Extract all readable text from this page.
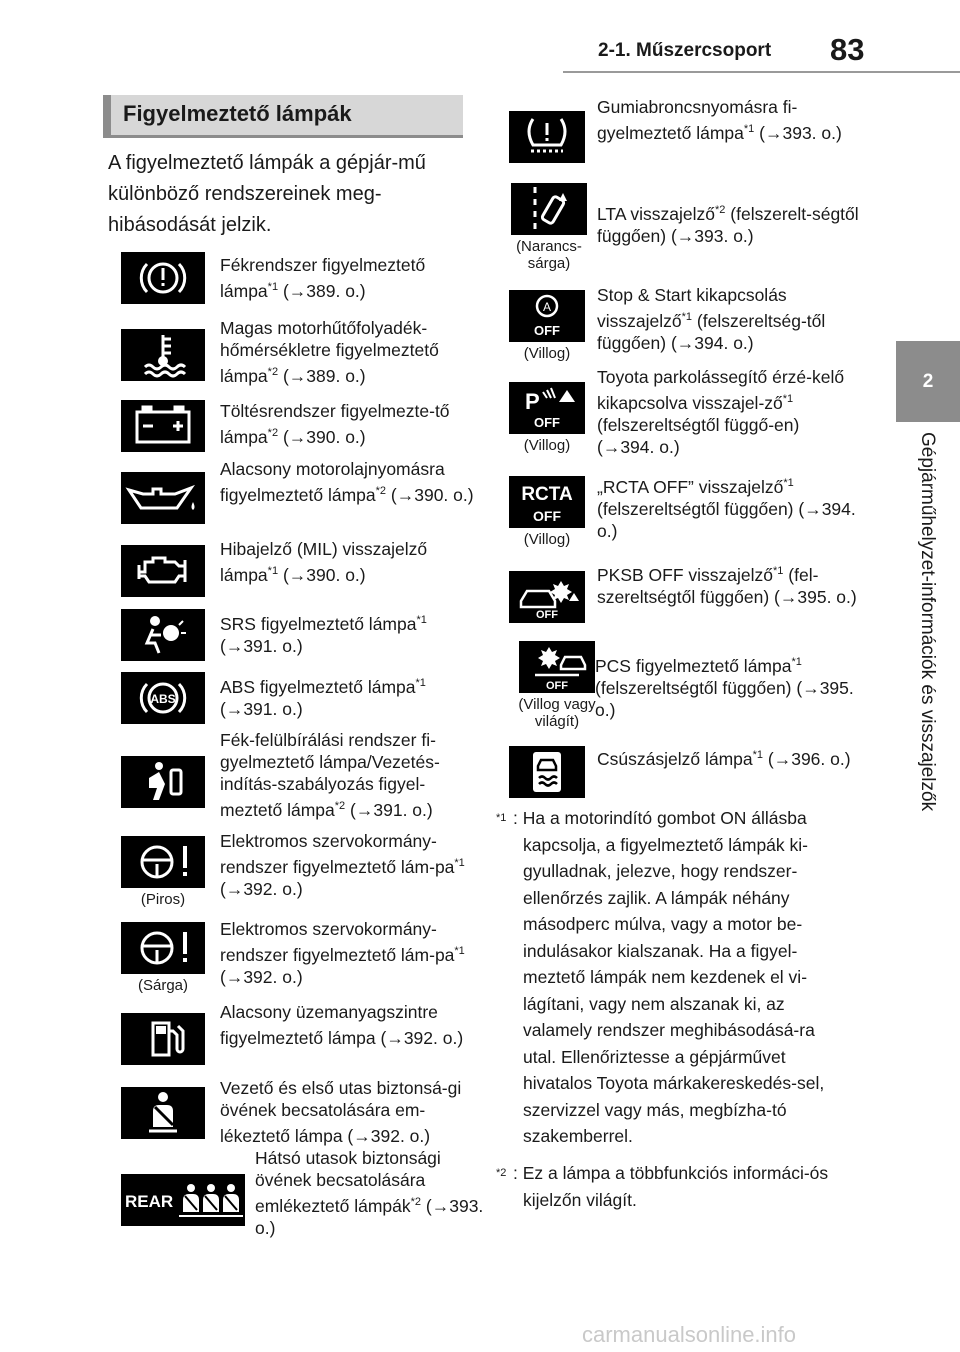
2-1. Műszercsoport 83
2
Gépjárműhelyzet-információk és visszajelzők
Figyelmeztető lámpák
A figyelmeztető lámpák a gépjár-mű különböző rendszereinek meg-hibásodását jelzik.
Fékrendszer figyelmeztető lámpa$^{*1}$ (→389. o.)
Magas motorhűtőfolyadék-hőmérsékletre figyelmeztető lámpa$^{*2}$ (→389. o.)
Töltésrendszer figyelmezte-tő lámpa$^{*2}$ (→390. o.)
Alacsony motorolajnyomásra figyelmeztető lámpa$^{*2}$ (→390. o.)
Hibajelző (MIL) visszajelző lámpa$^{*1}$ (→390. o.)
SRS figyelmeztető lámpa$^{*1}$ (→391. o.)
ABS
ABS figyelmeztető lámpa$^{*1}$ (→391. o.)
Fék-felülbírálási rendszer fi-gyelmeztető lámpa/Vezetés-indítás-szabályozás figyel-meztető lámpa$^{*2}$ (→391. o.)
(Piros)
Elektromos szervokormány-rendszer figyelmeztető lám-$pa^{*1}$ (→392. o.)
(Sárga)
Elektromos szervokormány-rendszer figyelmeztető lám-$pa^{*1}$ (→392. o.)
Alacsony üzemanyagszintre figyelmeztető lámpa (→392. o.)
Vezető és első utas biztonsá-gi övének becsatolására em-lékeztető lámpa (→392. o.)
REAR
Hátsó utasok biztonsági övének becsatolására emlékeztető lámpák$^{*2}$ (→393. o.)
Gumiabroncsnyomásra fi-gyelmeztető lámpa$^{*1}$ (→393. o.)
(Narancs-sárga)
LTA visszajelző$^{*2}$ (felszerelt-ségtől függően) (→393. o.)
A
OFF
(Villog)
Stop & Start kikapcsolás visszajelző$^{*1}$ (felszereltség-től függően) (→394. o.)
P
OFF
(Villog)
Toyota parkolássegítő érzé-kelő kikapcsolva visszajel-$ző^{*1}$ (felszereltségtől függő-en) (→394. o.)
RCTA
OFF
(Villog)
„RCTA OFF” visszajelző$^{*1}$ (felszereltségtől függően) (→394. o.)
OFF
PKSB OFF visszajelző$^{*1}$ (fel-szereltségtől függően) (→395. o.)
OFF
(Villog vagy világít)
PCS figyelmeztető lámpa$^{*1}$ (felszereltségtől függően) (→395. o.)
Csúszásjelző lámpa$^{*1}$ (→396. o.)
*1 : Ha a motorindító gombot ON állásba kapcsolja, a figyelmeztető lámpák ki-gyulladnak, jelezve, hogy rendszer-ellenőrzés zajlik. A lámpák néhány másodperc múlva, vagy a motor be-indulásakor kialszanak. Ha a figyel-meztető lámpák nem kezdenek el vi-lágítani, vagy nem alszanak ki, az valamely rendszer meghibásodásá-ra utal. Ellenőriztesse a gépjárművet hivatalos Toyota márkakereskedés-sel, szervizzel vagy más, megbízha-tó szakemberrel.
*2 : Ez a lámpa a többfunkciós informáci-ós kijelzőn világít.
carmanualsonline.info
